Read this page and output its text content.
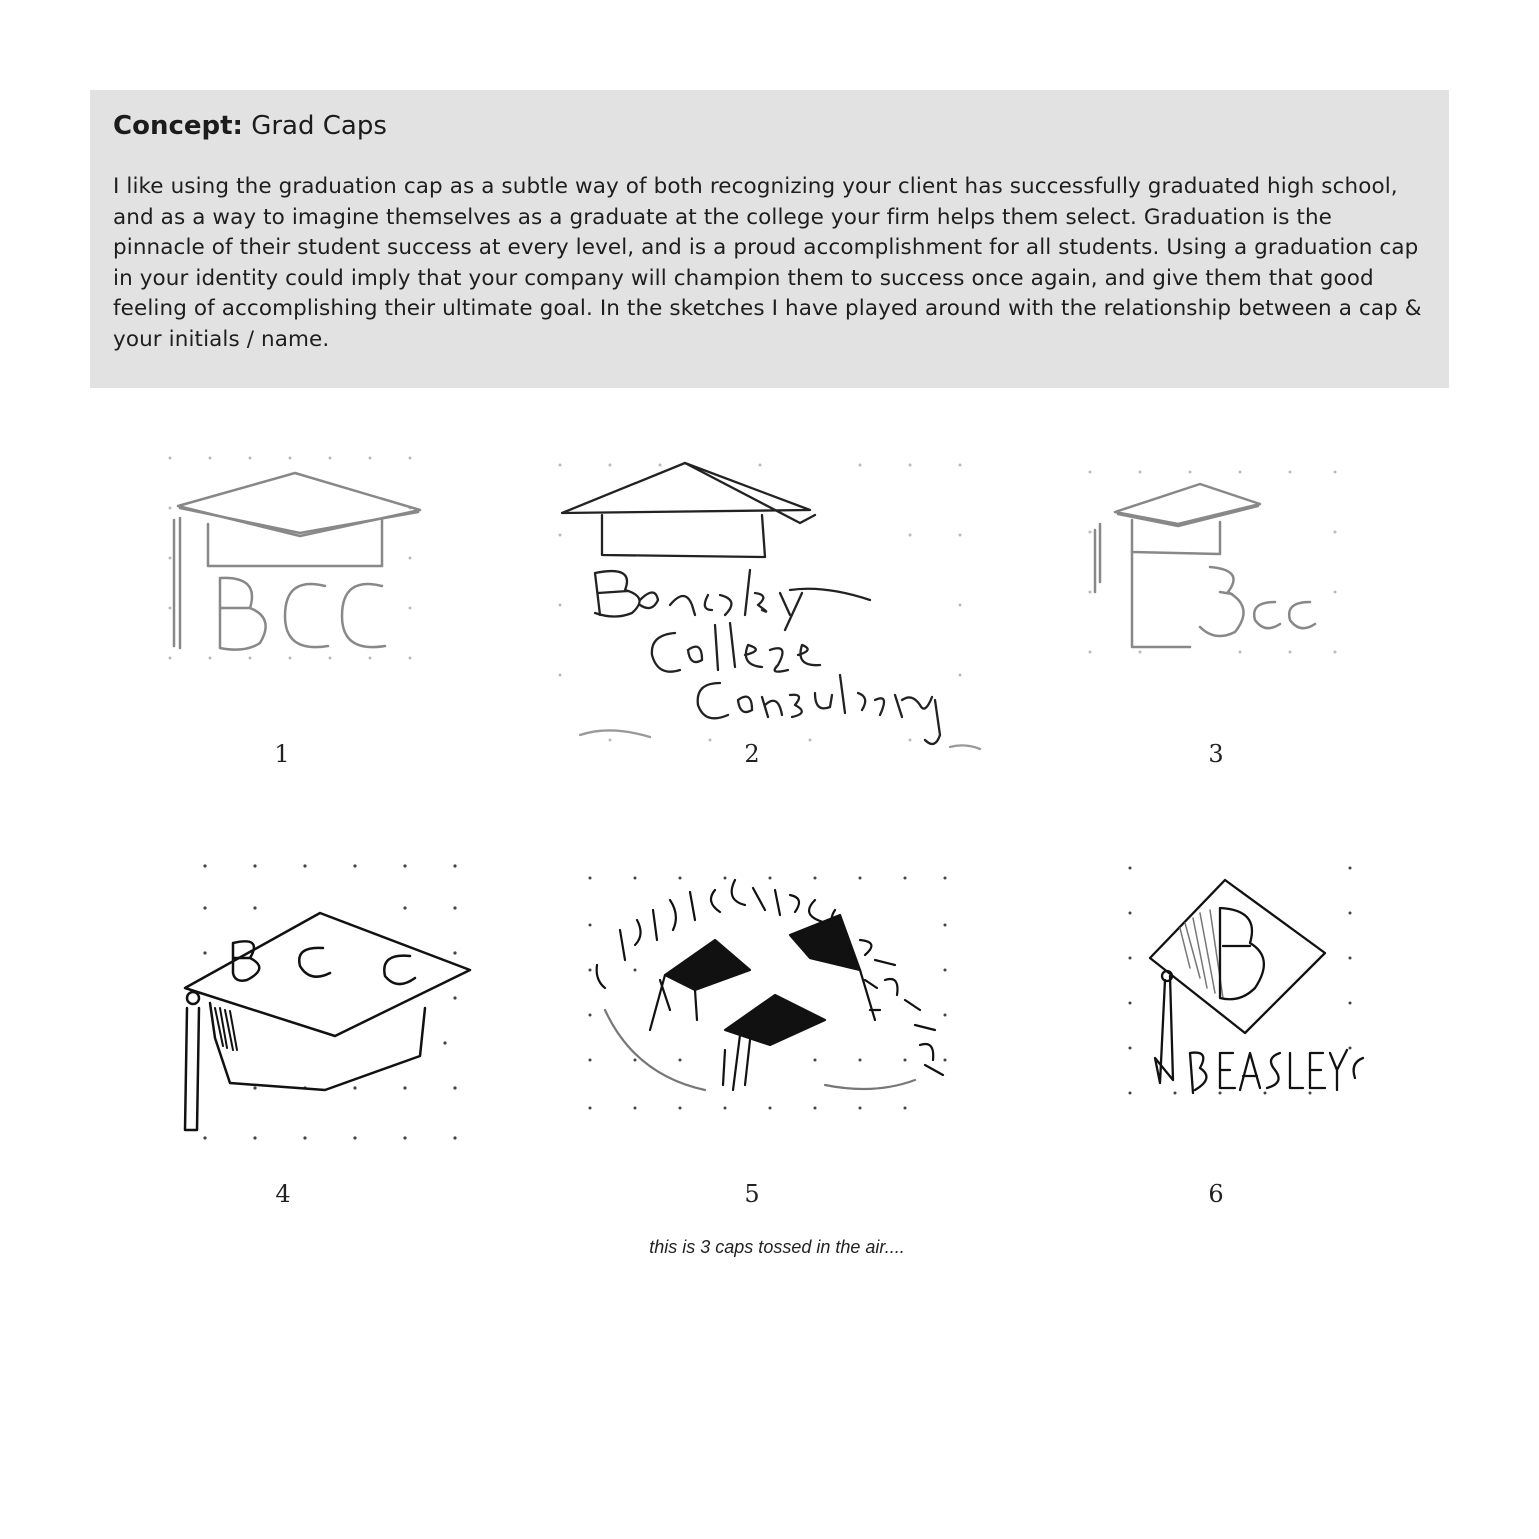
Concept: Grad Caps

I like using the graduation cap as a subtle way of both recognizing your client has successfully graduated high school, and as a way to imagine themselves as a graduate at the college your firm helps them select. Graduation is the pinnacle of their student success at every level, and is a proud accomplishment for all students. Using a graduation cap in your identity could imply that your company will champion them to success once again, and give them that good feeling of accomplishing their ultimate goal. In the sketches I have played around with the relationship between a cap & your initials / name.

1	2	3
4	5	6
this is 3 caps tossed in the air....
